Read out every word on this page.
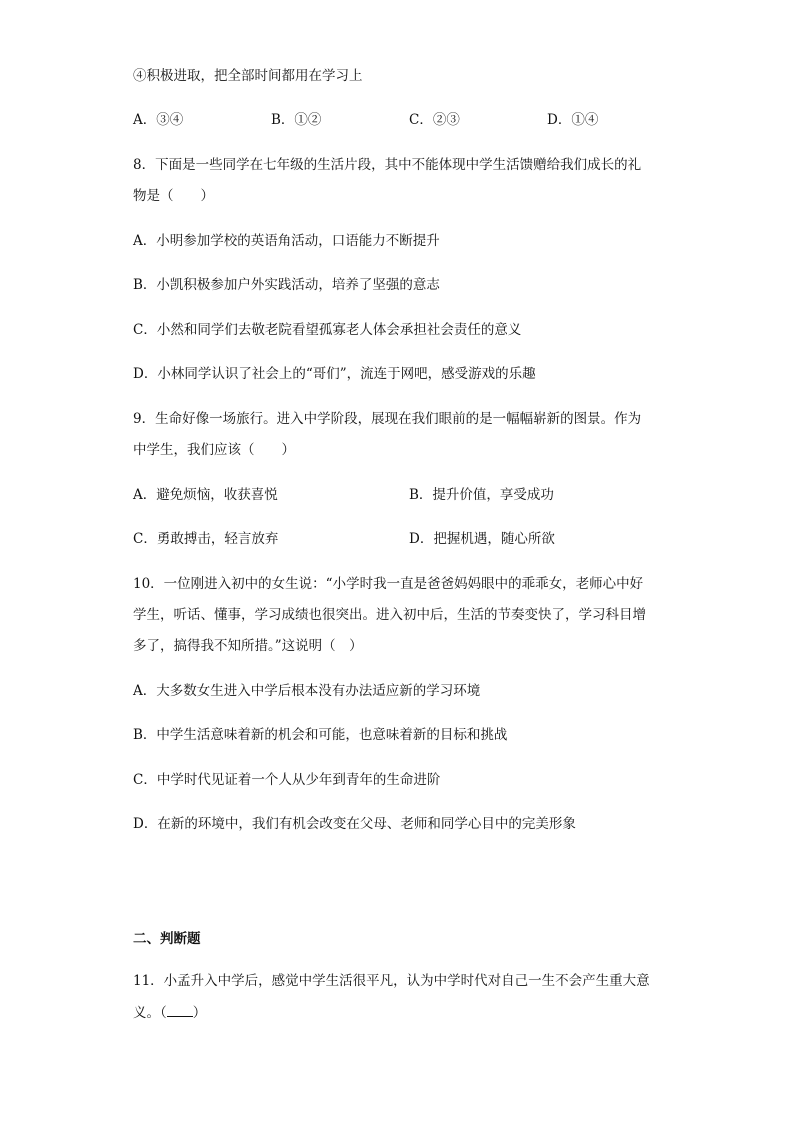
④积极进取，把全部时间都用在学习上
A．③④	B．①②	C．②③	D．①④
8．下面是一些同学在七年级的生活片段，其中不能体现中学生活馈赠给我们成长的礼
物是（　　）
A．小明参加学校的英语角活动，口语能力不断提升
B．小凯积极参加户外实践活动，培养了坚强的意志
C．小然和同学们去敬老院看望孤寡老人体会承担社会责任的意义
D．小林同学认识了社会上的“哥们”，流连于网吧，感受游戏的乐趣
9．生命好像一场旅行。进入中学阶段，展现在我们眼前的是一幅幅崭新的图景。作为
中学生，我们应该（　　）
A．避免烦恼，收获喜悦	B．提升价值，享受成功
C．勇敢搏击，轻言放弃	D．把握机遇，随心所欲
10．一位刚进入初中的女生说：“小学时我一直是爸爸妈妈眼中的乖乖女，老师心中好
学生，听话、懂事，学习成绩也很突出。进入初中后，生活的节奏变快了，学习科目增
多了，搞得我不知所措。”这说明（　）
A．大多数女生进入中学后根本没有办法适应新的学习环境
B．中学生活意味着新的机会和可能，也意味着新的目标和挑战
C．中学时代见证着一个人从少年到青年的生命进阶
D．在新的环境中，我们有机会改变在父母、老师和同学心目中的完美形象
二、判断题
11．小孟升入中学后，感觉中学生活很平凡，认为中学时代对自己一生不会产生重大意
义。（ ）
